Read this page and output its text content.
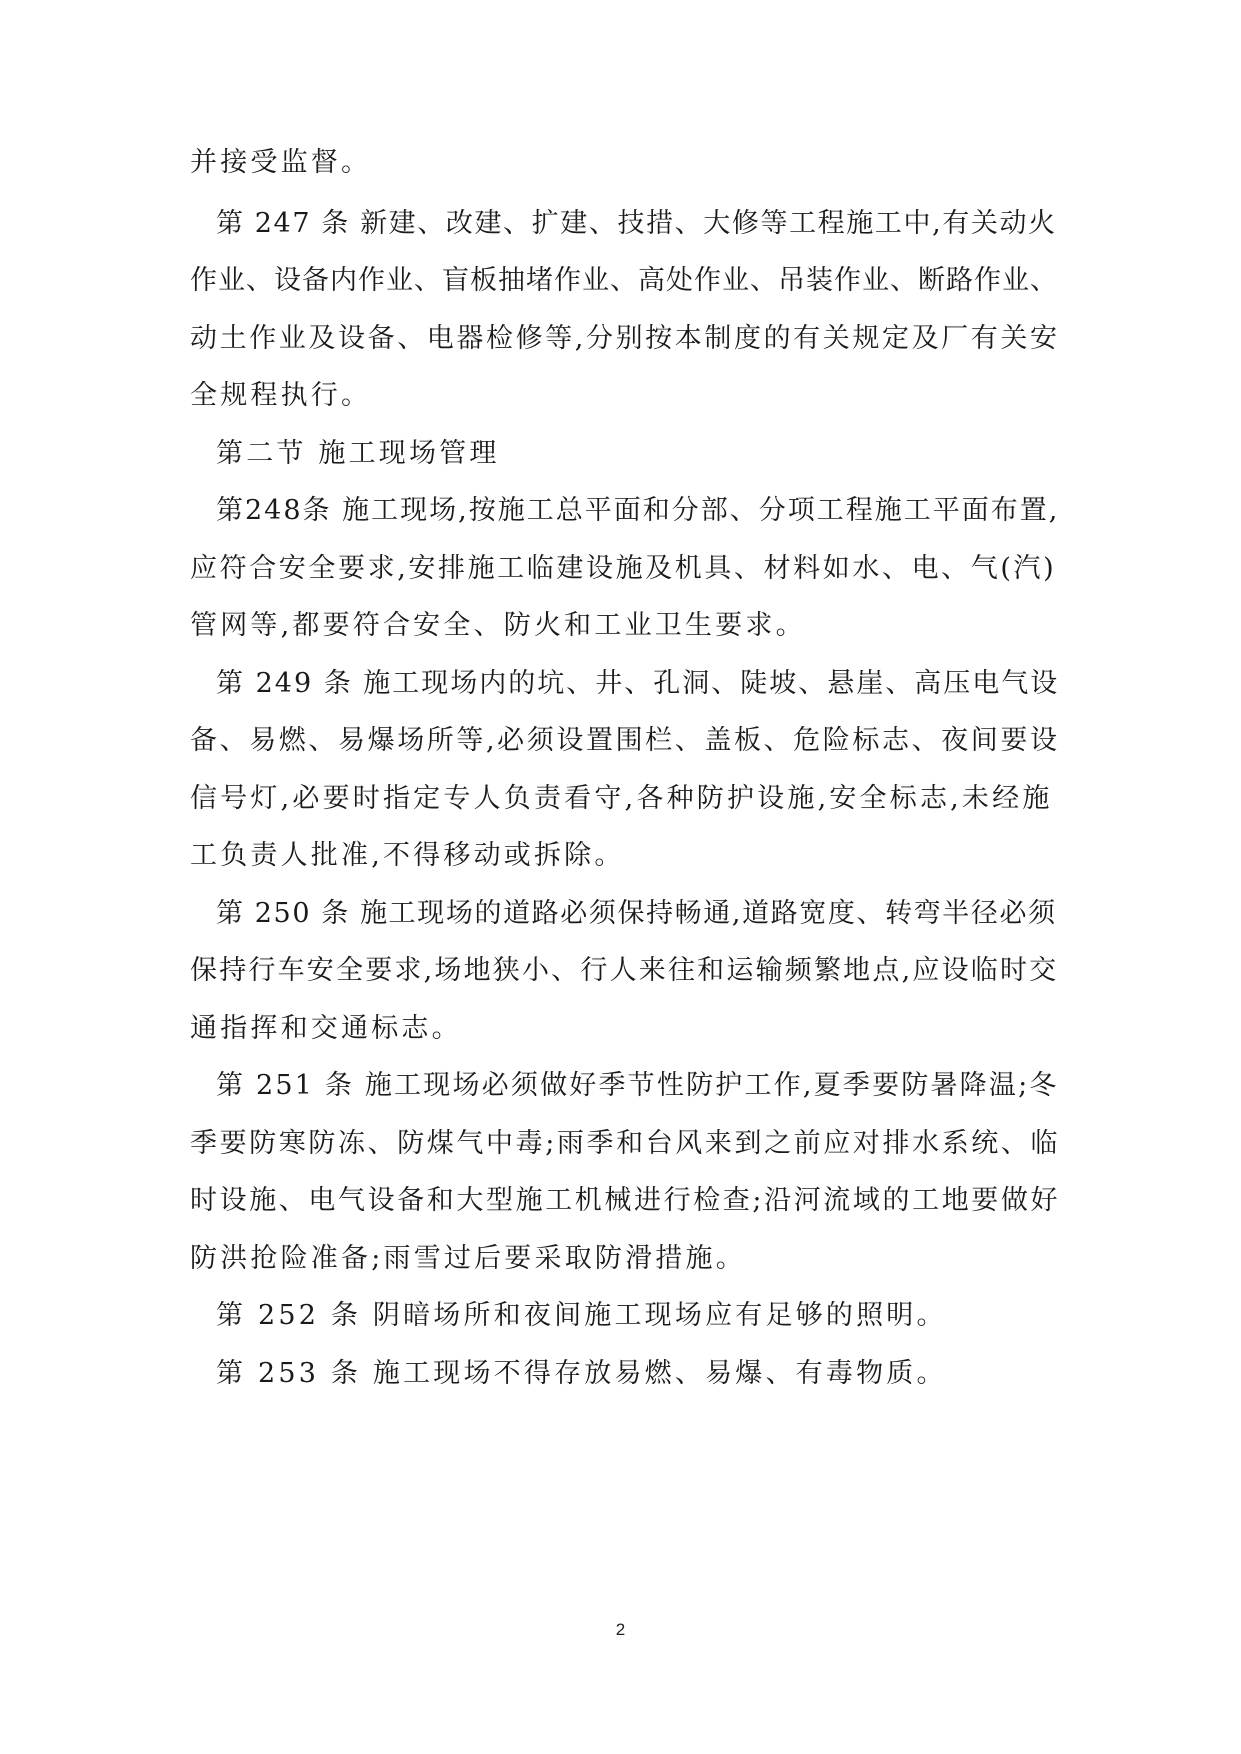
并接受监督。
第 247 条 新建、改建、扩建、技措、大修等工程施工中,有关动火
作业、设备内作业、盲板抽堵作业、高处作业、吊装作业、断路作业、
动土作业及设备、电器检修等,分别按本制度的有关规定及厂有关安
全规程执行。
第二节 施工现场管理
第248条 施工现场,按施工总平面和分部、分项工程施工平面布置,
应符合安全要求,安排施工临建设施及机具、材料如水、电、气(汽)
管网等,都要符合安全、防火和工业卫生要求。
第 249 条 施工现场内的坑、井、孔洞、陡坡、悬崖、高压电气设
备、易燃、易爆场所等,必须设置围栏、盖板、危险标志、夜间要设
信号灯,必要时指定专人负责看守,各种防护设施,安全标志,未经施
工负责人批准,不得移动或拆除。
第 250 条 施工现场的道路必须保持畅通,道路宽度、转弯半径必须
保持行车安全要求,场地狭小、行人来往和运输频繁地点,应设临时交
通指挥和交通标志。
第 251 条 施工现场必须做好季节性防护工作,夏季要防暑降温;冬
季要防寒防冻、防煤气中毒;雨季和台风来到之前应对排水系统、临
时设施、电气设备和大型施工机械进行检查;沿河流域的工地要做好
防洪抢险准备;雨雪过后要采取防滑措施。
第 252 条 阴暗场所和夜间施工现场应有足够的照明。
第 253 条 施工现场不得存放易燃、易爆、有毒物质。
2
